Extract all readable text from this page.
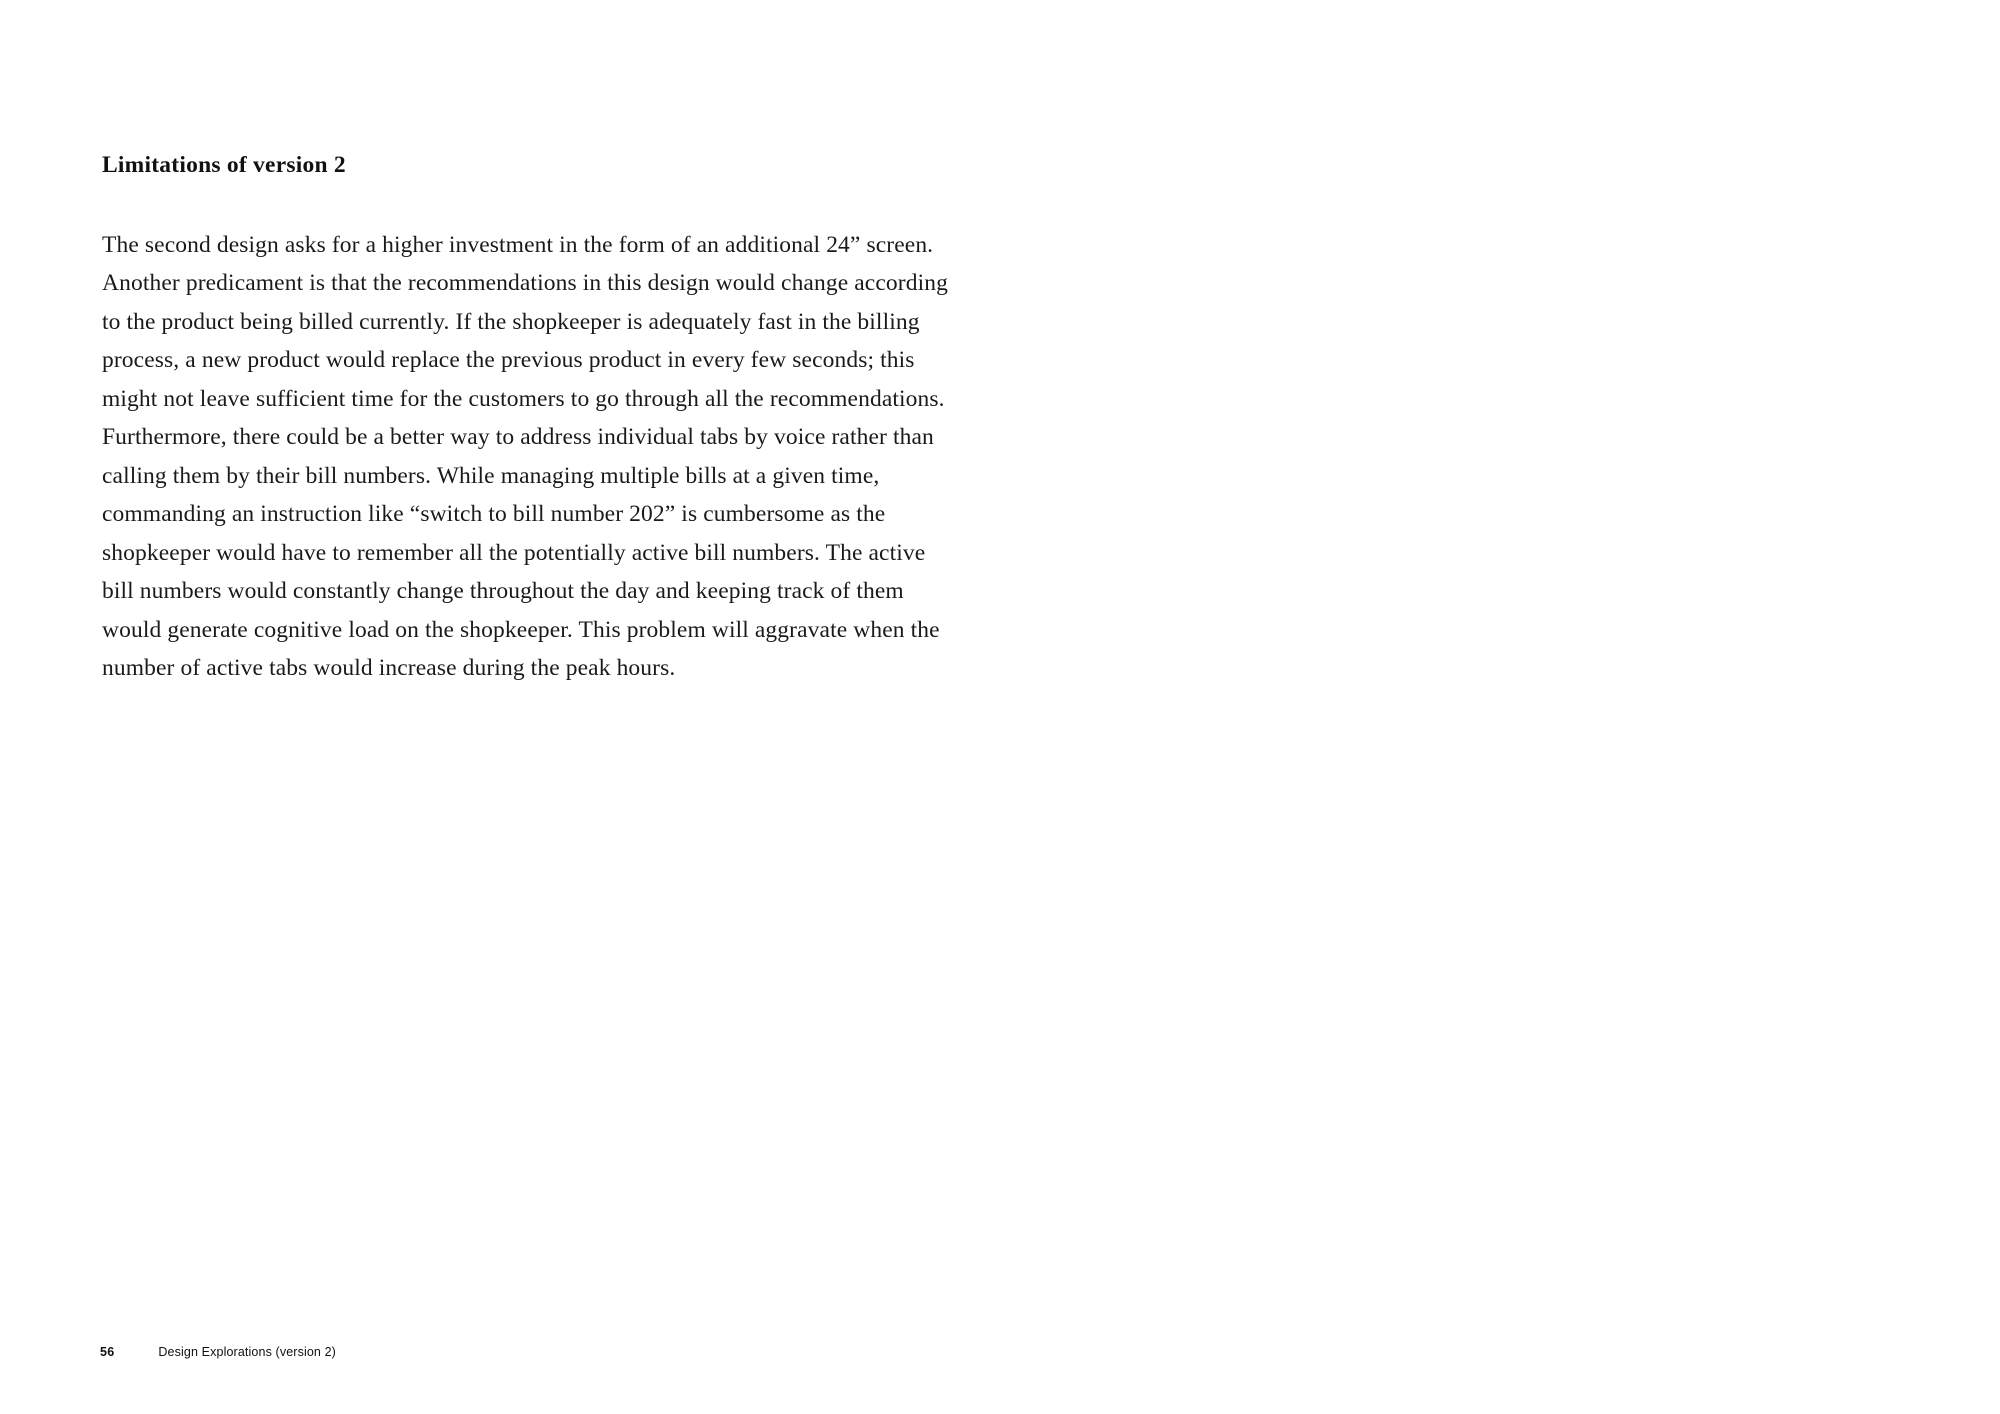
Limitations of version 2

The second design asks for a higher investment in the form of an additional 24” screen. Another predicament is that the recommendations in this design would change according to the product being billed currently. If the shopkeeper is adequately fast in the billing process, a new product would replace the previous product in every few seconds; this might not leave sufficient time for the customers to go through all the recommendations. Furthermore, there could be a better way to address individual tabs by voice rather than calling them by their bill numbers. While managing multiple bills at a given time, commanding an instruction like “switch to bill number 202” is cumbersome as the shopkeeper would have to remember all the potentially active bill numbers. The active bill numbers would constantly change throughout the day and keeping track of them would generate cognitive load on the shopkeeper. This problem will aggravate when the number of active tabs would increase during the peak hours.

56	Design Explorations (version 2)
